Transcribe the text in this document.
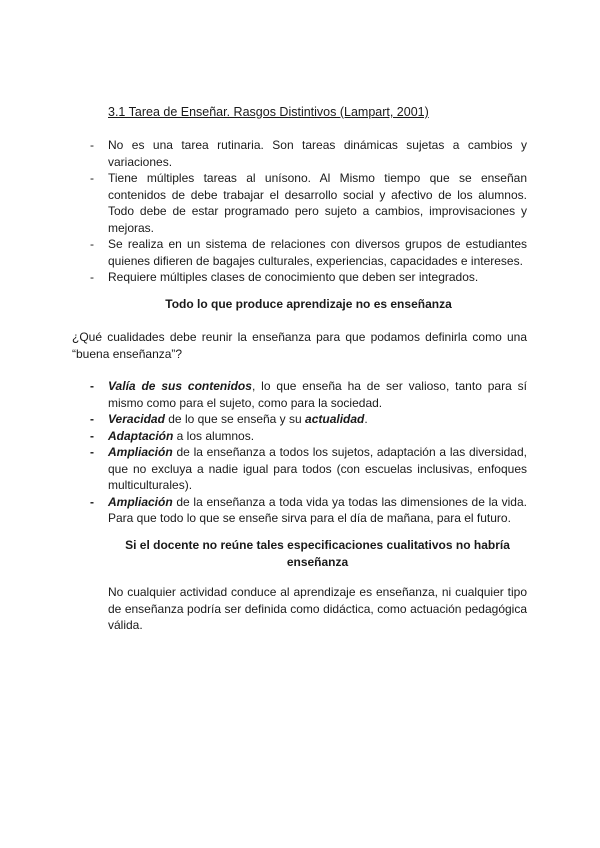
3.1 Tarea de Enseñar. Rasgos Distintivos (Lampart, 2001)
- No es una tarea rutinaria. Son tareas dinámicas sujetas a cambios y variaciones.
- Tiene múltiples tareas al unísono. Al Mismo tiempo que se enseñan contenidos de debe trabajar el desarrollo social y afectivo de los alumnos. Todo debe de estar programado pero sujeto a cambios, improvisaciones y mejoras.
- Se realiza en un sistema de relaciones con diversos grupos de estudiantes quienes difieren de bagajes culturales, experiencias, capacidades e intereses.
- Requiere múltiples clases de conocimiento que deben ser integrados.
Todo lo que produce aprendizaje no es enseñanza
¿Qué cualidades debe reunir la enseñanza para que podamos definirla como una “buena enseñanza”?
- Valía de sus contenidos, lo que enseña ha de ser valioso, tanto para sí mismo como para el sujeto, como para la sociedad.
- Veracidad de lo que se enseña y su actualidad.
- Adaptación a los alumnos.
- Ampliación de la enseñanza a todos los sujetos, adaptación a las diversidad, que no excluya a nadie igual para todos (con escuelas inclusivas, enfoques multiculturales).
- Ampliación de la enseñanza a toda vida ya todas las dimensiones de la vida. Para que todo lo que se enseñe sirva para el día de mañana, para el futuro.
Si el docente no reúne tales especificaciones cualitativos no habría enseñanza
No cualquier actividad conduce al aprendizaje es enseñanza, ni cualquier tipo de enseñanza podría ser definida como didáctica, como actuación pedagógica válida.
